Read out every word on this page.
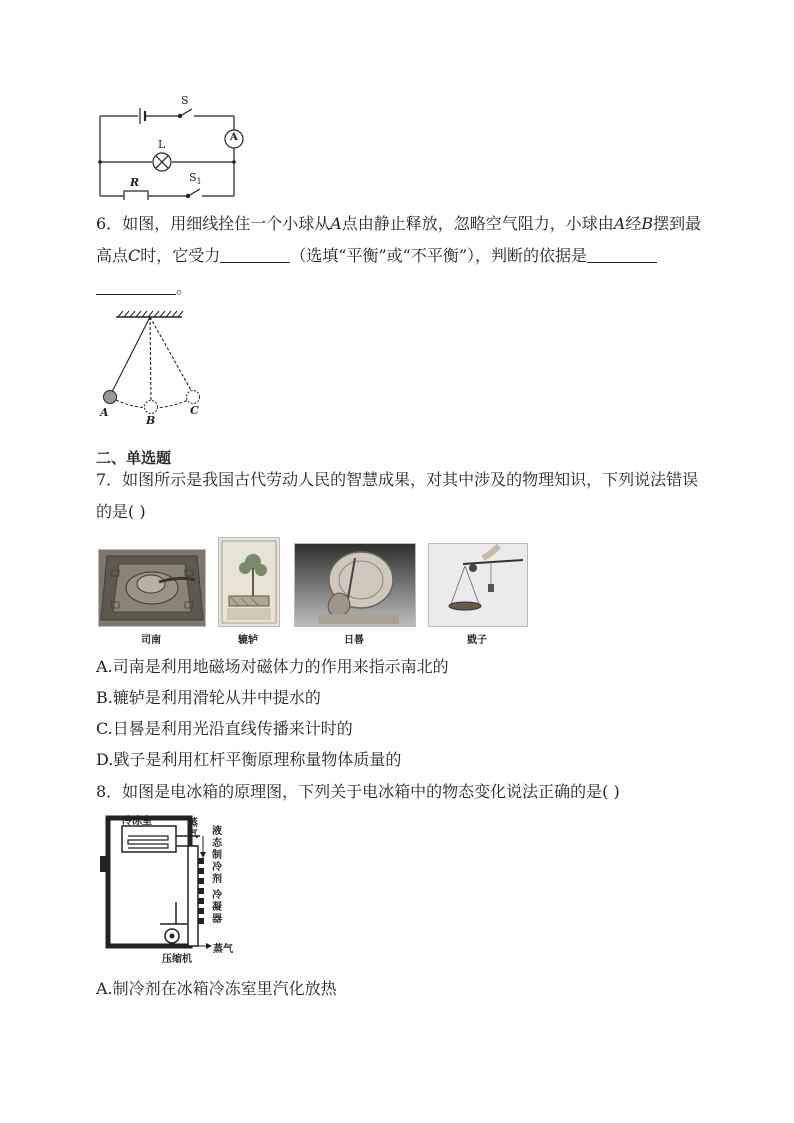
S
A
L
R	$S_1$
6．如图，用细线拴住一个小球从A点由静止释放，忽略空气阻力，小球由A经B摆到最
高点C时，它受力	（选填“平衡”或“不平衡”），判断的依据是
。
A
B
C
二、单选题
7．如图所示是我国古代劳动人民的智慧成果，对其中涉及的物理知识，下列说法错误
的是( )
司南	辘轳	日晷	戥子
A.司南是利用地磁场对磁体力的作用来指示南北的
B.辘轳是利用滑轮从井中提水的
C.日晷是利用光沿直线传播来计时的
D.戥子是利用杠杆平衡原理称量物体质量的
8．如图是电冰箱的原理图，下列关于电冰箱中的物态变化说法正确的是( )
冷冻室	蒸气 液态制冷剂
冷凝器
蒸气
压缩机
A.制冷剂在冰箱冷冻室里汽化放热
